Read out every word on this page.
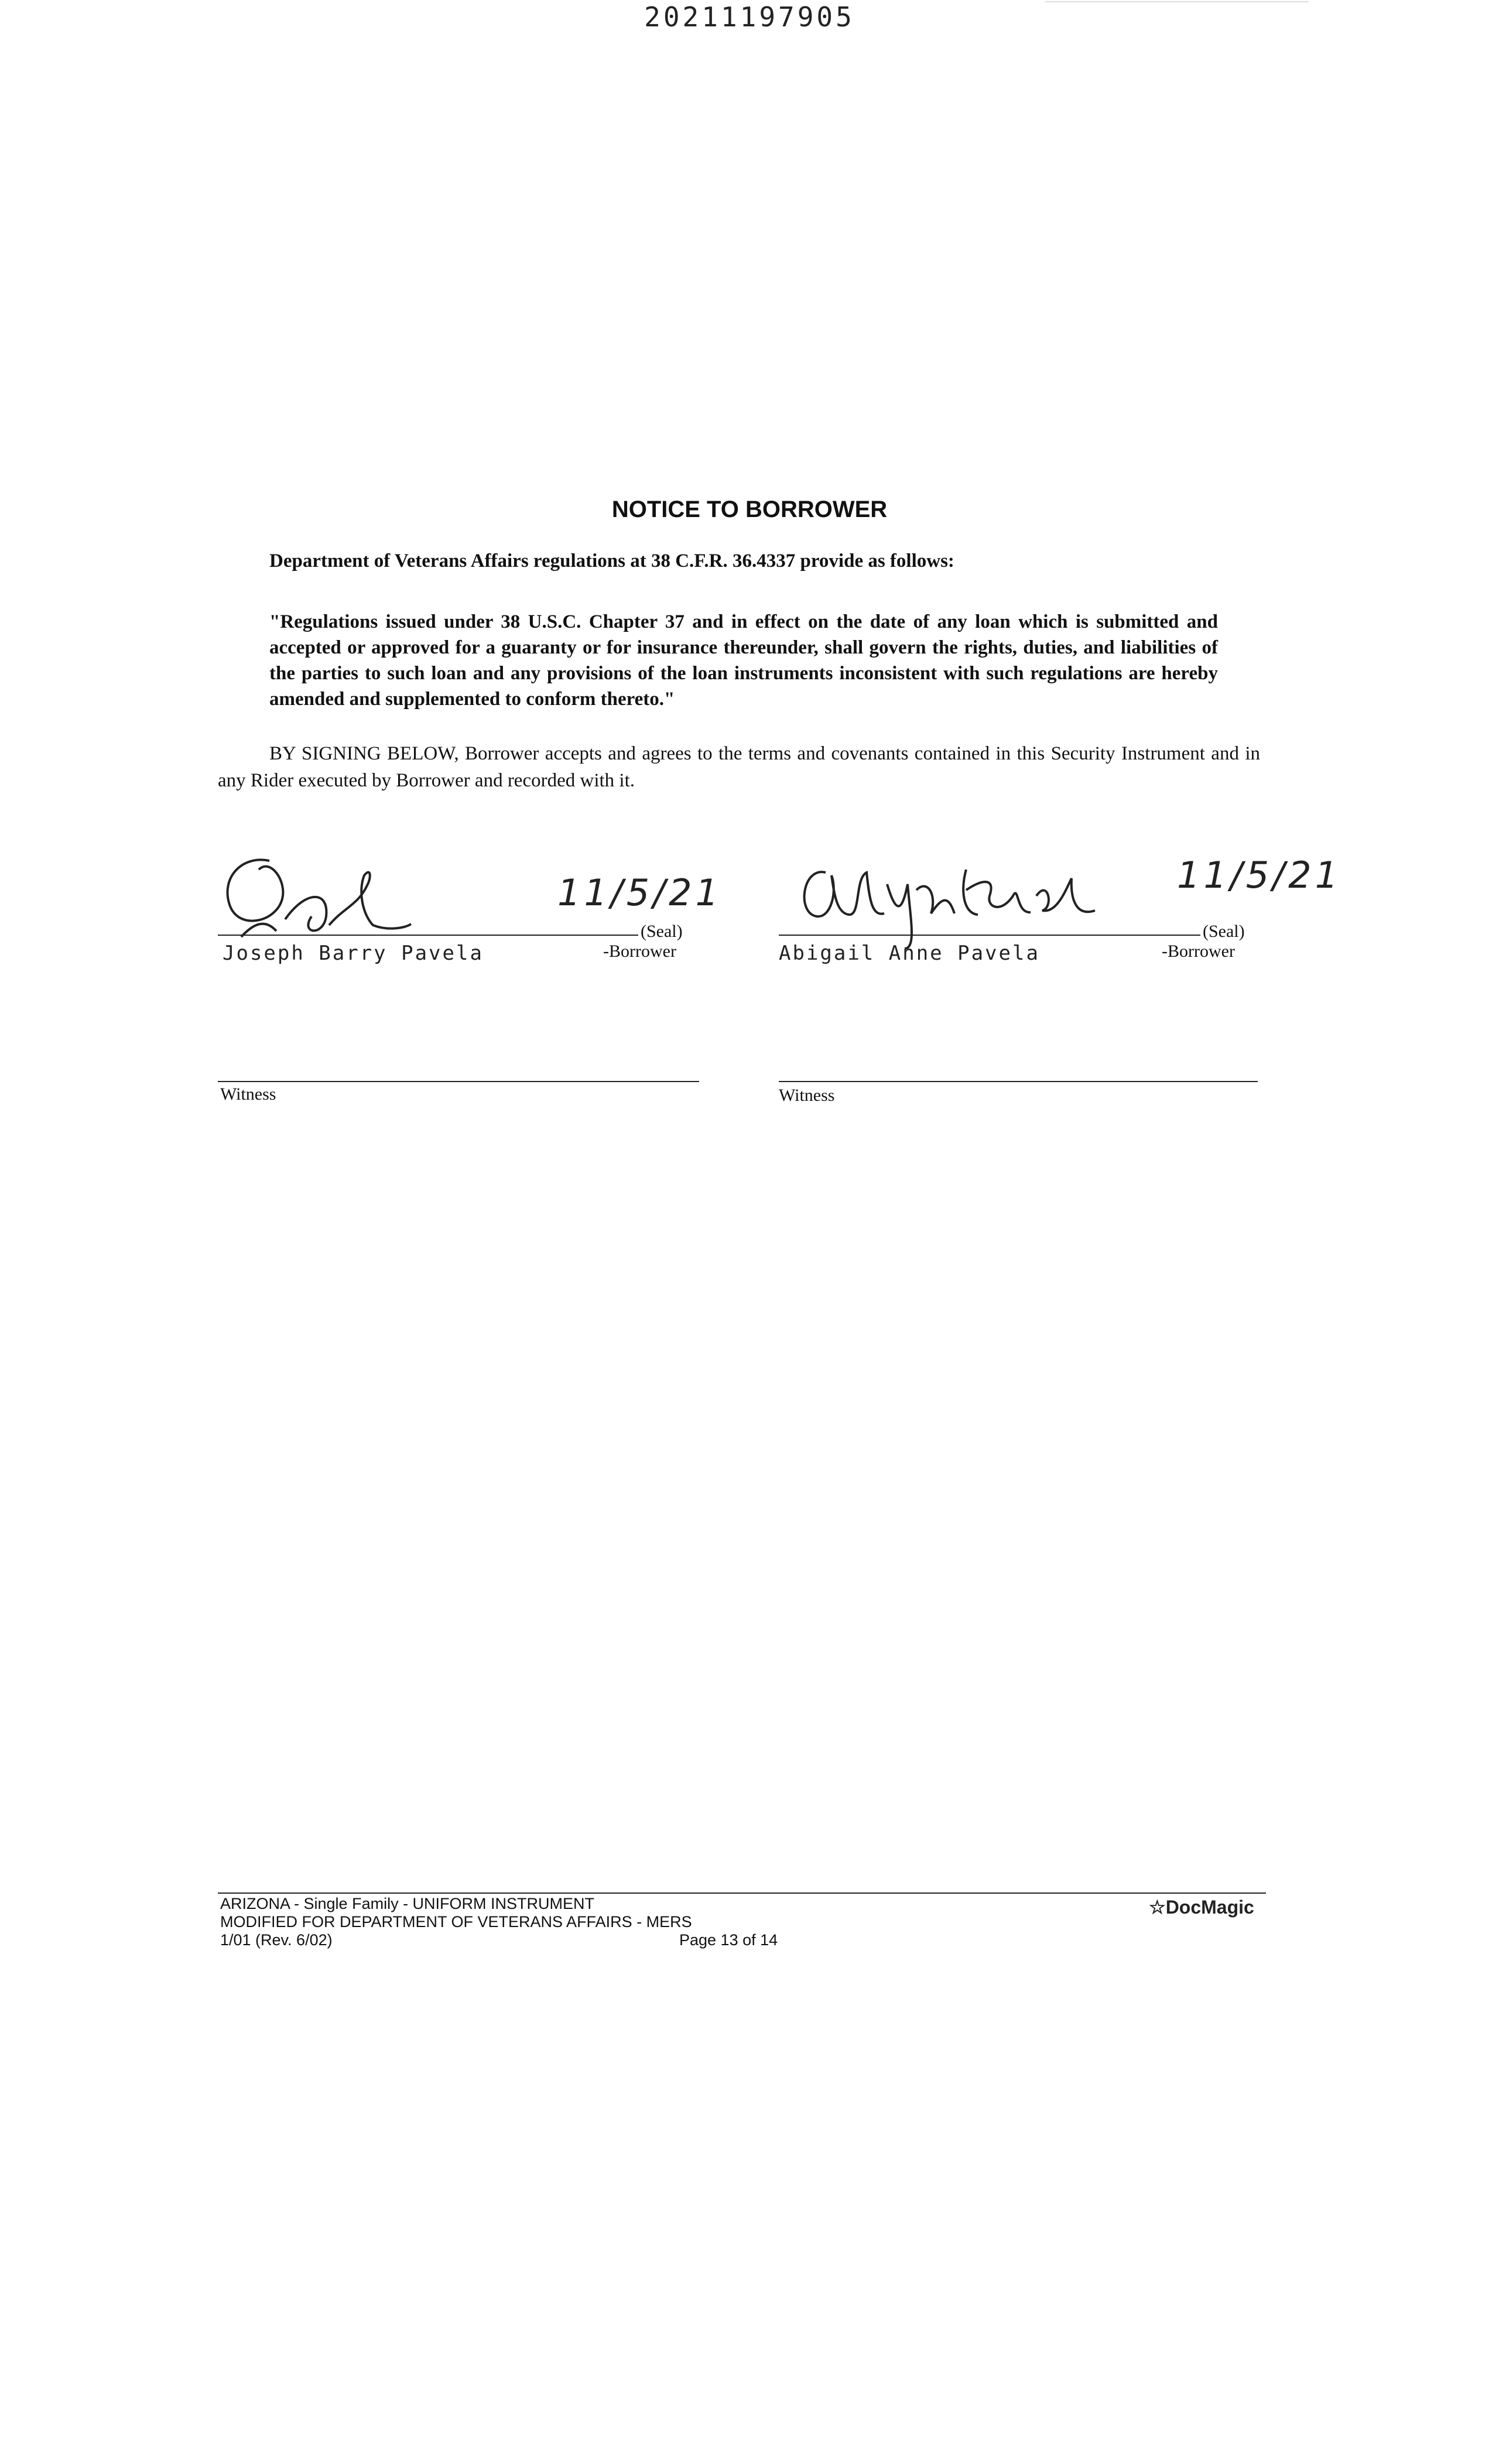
20211197905
NOTICE TO BORROWER
Department of Veterans Affairs regulations at 38 C.F.R. 36.4337 provide as follows:
"Regulations issued under 38 U.S.C. Chapter 37 and in effect on the date of any loan which is submitted and accepted or approved for a guaranty or for insurance thereunder, shall govern the rights, duties, and liabilities of the parties to such loan and any provisions of the loan instruments inconsistent with such regulations are hereby amended and supplemented to conform thereto."
BY SIGNING BELOW, Borrower accepts and agrees to the terms and covenants contained in this Security Instrument and in any Rider executed by Borrower and recorded with it.
11/5/21
(Seal)
Joseph Barry Pavela	-Borrower
11/5/21
(Seal)
Abigail Anne Pavela	-Borrower
Witness	Witness
ARIZONA - Single Family - UNIFORM INSTRUMENT
MODIFIED FOR DEPARTMENT OF VETERANS AFFAIRS - MERS
1/01 (Rev. 6/02)	Page 13 of 14
☆DocMagic
